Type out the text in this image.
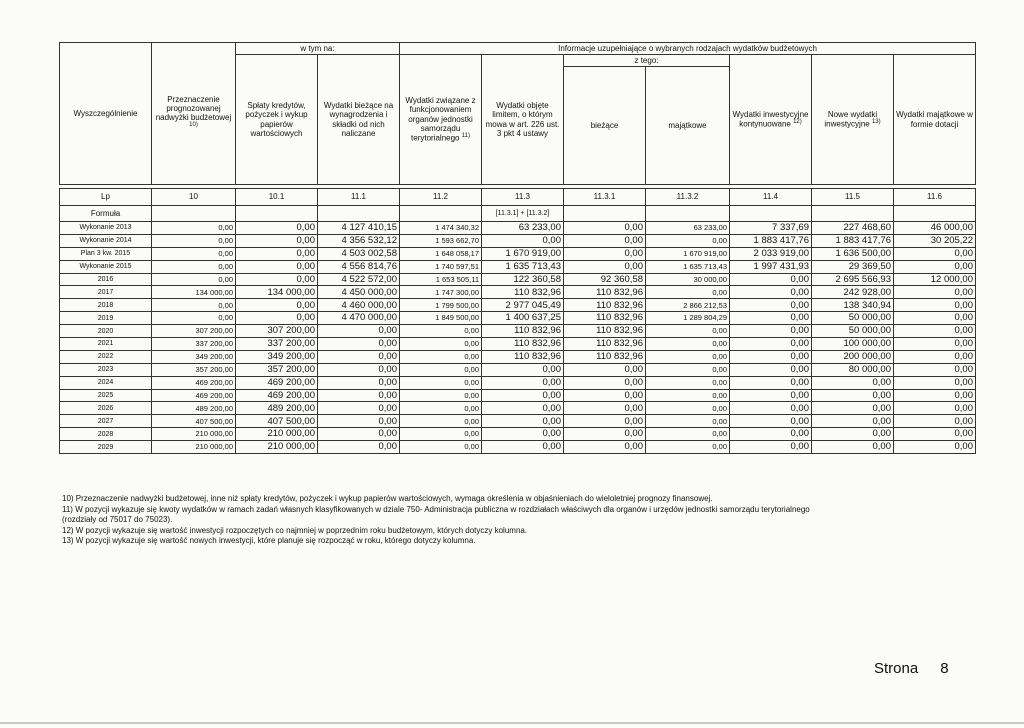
Wyszczególnienie	Przeznaczenie prognozowanej nadwyżki budżetowej $^{10)}$	w tym na:		Informacje uzupełniające o wybranych rodzajach wydatków budżetowych						
		Spłaty kredytów, pożyczek i wykup papierów wartościowych	Wydatki bieżące na wynagrodzenia i składki od nich naliczane	Wydatki związane z funkcjonowaniem organów jednostki samorządu terytorialnego $^{11)}$	Wydatki objęte limitem, o którym mowa w art. 226 ust. 3 pkt 4 ustawy	z tego:		Wydatki inwestycyjne kontynuowane $^{12)}$	Nowe wydatki inwestycyjne $^{13)}$	Wydatki majątkowe w formie dotacji
						bieżące	majątkowe			

Lp	10	10.1	11.1	11.2	11.3	11.3.1	11.3.2	11.4	11.5	11.6
Formuła					[11.3.1] + [11.3.2]					
Wykonanie 2013	0,00	0,00	4 127 410,15	1 474 340,32	63 233,00	0,00	63 233,00	7 337,69	227 468,60	46 000,00
Wykonanie 2014	0,00	0,00	4 356 532,12	1 593 662,70	0,00	0,00	0,00	1 883 417,76	1 883 417,76	30 205,22
Plan 3 kw. 2015	0,00	0,00	4 503 002,58	1 648 058,17	1 670 919,00	0,00	1 670 919,00	2 033 919,00	1 636 500,00	0,00
Wykonanie 2015	0,00	0,00	4 556 814,76	1 740 597,51	1 635 713,43	0,00	1 635 713,43	1 997 431,93	29 369,50	0,00
2016	0,00	0,00	4 522 572,00	1 653 505,11	122 360,58	92 360,58	30 000,00	0,00	2 695 566,93	12 000,00
2017	134 000,00	134 000,00	4 450 000,00	1 747 300,00	110 832,96	110 832,96	0,00	0,00	242 928,00	0,00
2018	0,00	0,00	4 460 000,00	1 799 500,00	2 977 045,49	110 832,96	2 866 212,53	0,00	138 340,94	0,00
2019	0,00	0,00	4 470 000,00	1 849 500,00	1 400 637,25	110 832,96	1 289 804,29	0,00	50 000,00	0,00
2020	307 200,00	307 200,00	0,00	0,00	110 832,96	110 832,96	0,00	0,00	50 000,00	0,00
2021	337 200,00	337 200,00	0,00	0,00	110 832,96	110 832,96	0,00	0,00	100 000,00	0,00
2022	349 200,00	349 200,00	0,00	0,00	110 832,96	110 832,96	0,00	0,00	200 000,00	0,00
2023	357 200,00	357 200,00	0,00	0,00	0,00	0,00	0,00	0,00	80 000,00	0,00
2024	469 200,00	469 200,00	0,00	0,00	0,00	0,00	0,00	0,00	0,00	0,00
2025	469 200,00	469 200,00	0,00	0,00	0,00	0,00	0,00	0,00	0,00	0,00
2026	489 200,00	489 200,00	0,00	0,00	0,00	0,00	0,00	0,00	0,00	0,00
2027	407 500,00	407 500,00	0,00	0,00	0,00	0,00	0,00	0,00	0,00	0,00
2028	210 000,00	210 000,00	0,00	0,00	0,00	0,00	0,00	0,00	0,00	0,00
2029	210 000,00	210 000,00	0,00	0,00	0,00	0,00	0,00	0,00	0,00	0,00
10) Przeznaczenie nadwyżki budżetowej, inne niż spłaty kredytów, pożyczek i wykup papierów wartościowych, wymaga określenia w objaśnieniach do wieloletniej prognozy finansowej.
11) W pozycji wykazuje się kwoty wydatków w ramach zadań własnych klasyfikowanych w dziale 750- Administracja publiczna w rozdziałach właściwych dla organów i urzędów jednostki samorządu terytorialnego
(rozdziały od 75017 do 75023).
12) W pozycji wykazuje się wartość inwestycji rozpoczętych co najmniej w poprzednim roku budżetowym, których dotyczy kolumna.
13) W pozycji wykazuje się wartość nowych inwestycji, które planuje się rozpocząć w roku, którego dotyczy kolumna.
Strona 8
